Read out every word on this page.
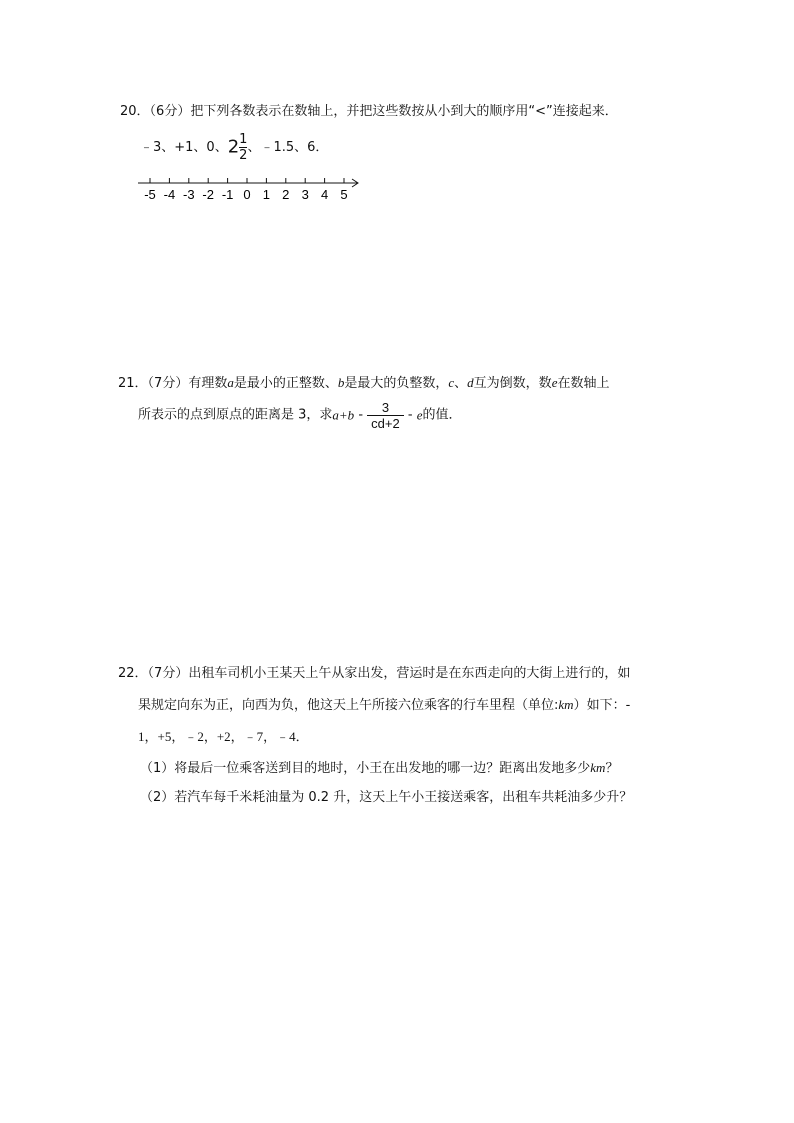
20．（6分）把下列各数表示在数轴上，并把这些数按从小到大的顺序用“<”连接起来．
﹣3、+1、0、$2 \frac{1}{2}$ 、﹣1.5、6．
-5 -4 -3 -2 -1 0 1 2 3 4 5
21．（7分）有理数a是最小的正整数、b是最大的负整数，c、d互为倒数，数e在数轴上
所表示的点到原点的距离是 3，求$a+b - \frac{3}{cd+2} - e$的值．
22．（7分）出租车司机小王某天上午从家出发，营运时是在东西走向的大街上进行的，如
果规定向东为正，向西为负，他这天上午所接六位乘客的行车里程（单位:km）如下：-
1，+5，﹣2，+2，﹣7，﹣4．
（1）将最后一位乘客送到目的地时，小王在出发地的哪一边？距离出发地多少km？
（2）若汽车每千米耗油量为 0.2 升，这天上午小王接送乘客，出租车共耗油多少升？
